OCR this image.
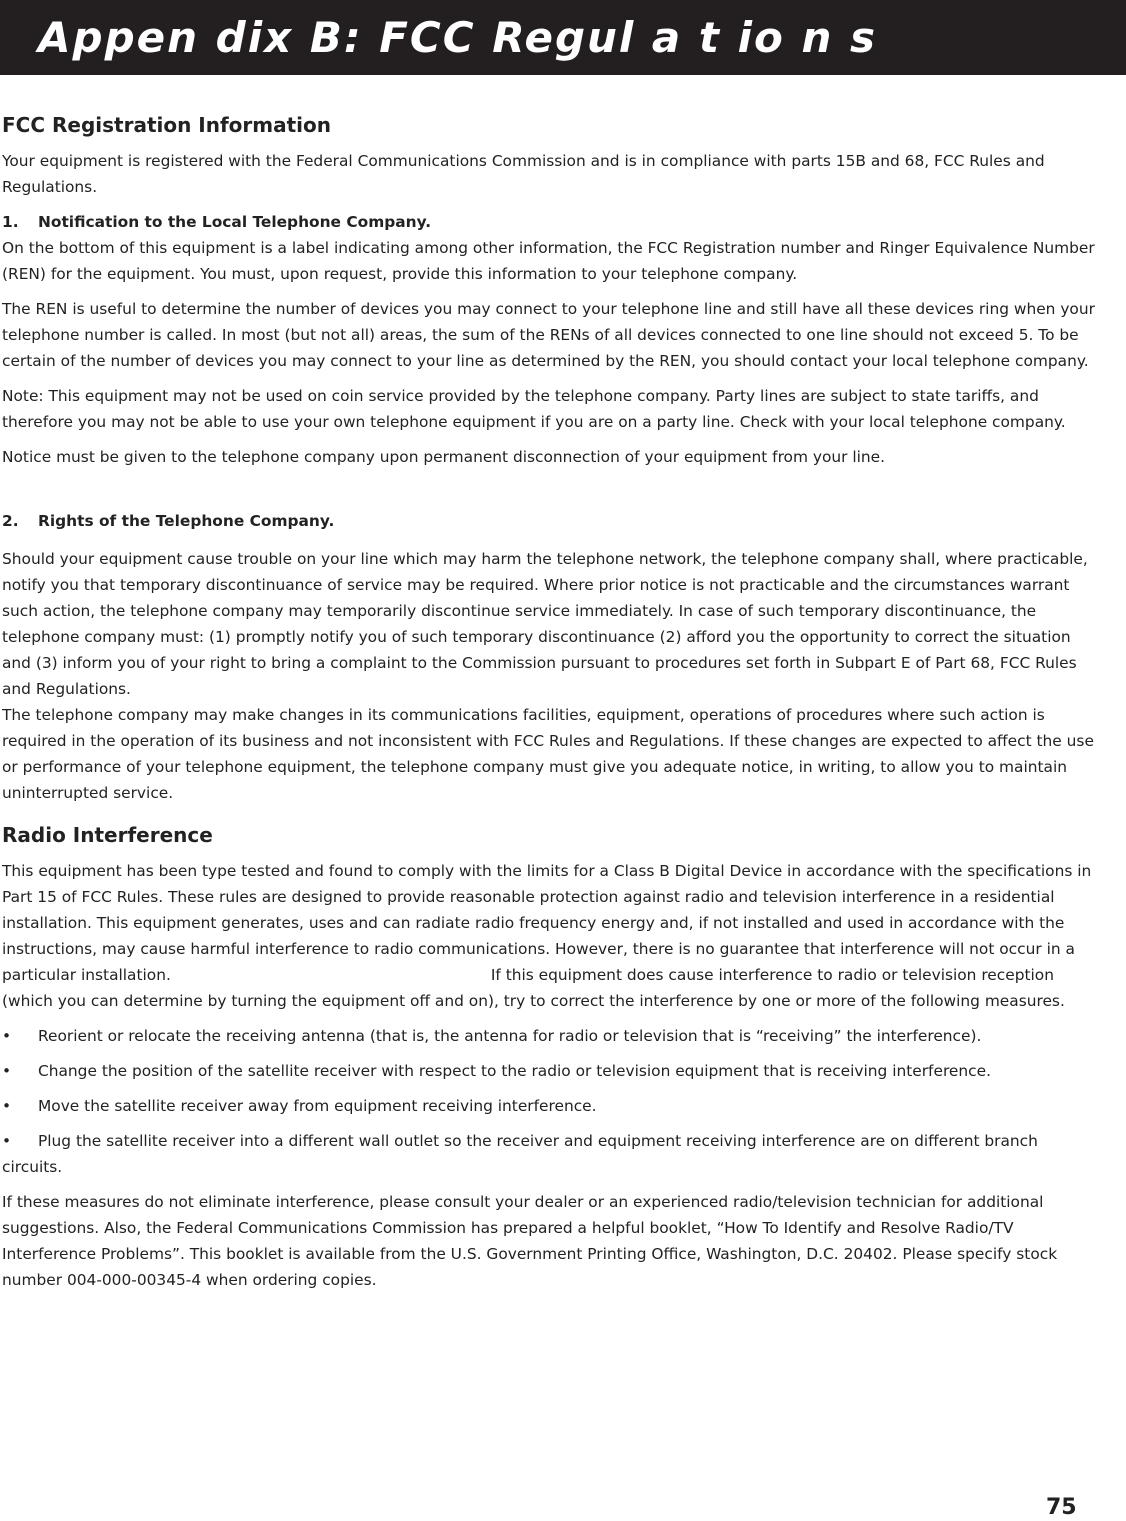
Appen dix B: FCC Regul a t io n s
FCC Registration Information

Your equipment is registered with the Federal Communications Commission and is in compliance with parts 15B and 68, FCC Rules and Regulations.

1. Notification to the Local Telephone Company.

On the bottom of this equipment is a label indicating among other information, the FCC Registration number and Ringer Equivalence Number (REN) for the equipment. You must, upon request, provide this information to your telephone company.

The REN is useful to determine the number of devices you may connect to your telephone line and still have all these devices ring when your telephone number is called. In most (but not all) areas, the sum of the RENs of all devices connected to one line should not exceed 5. To be certain of the number of devices you may connect to your line as determined by the REN, you should contact your local telephone company.

Note: This equipment may not be used on coin service provided by the telephone company. Party lines are subject to state tariffs, and therefore you may not be able to use your own telephone equipment if you are on a party line. Check with your local telephone company.

Notice must be given to the telephone company upon permanent disconnection of your equipment from your line.

2. Rights of the Telephone Company.

Should your equipment cause trouble on your line which may harm the telephone network, the telephone company shall, where practicable, notify you that temporary discontinuance of service may be required. Where prior notice is not practicable and the circumstances warrant such action, the telephone company may temporarily discontinue service immediately. In case of such temporary discontinuance, the telephone company must: (1) promptly notify you of such temporary discontinuance (2) afford you the opportunity to correct the situation and (3) inform you of your right to bring a complaint to the Commission pursuant to procedures set forth in Subpart E of Part 68, FCC Rules and Regulations.
The telephone company may make changes in its communications facilities, equipment, operations of procedures where such action is required in the operation of its business and not inconsistent with FCC Rules and Regulations. If these changes are expected to affect the use or performance of your telephone equipment, the telephone company must give you adequate notice, in writing, to allow you to maintain uninterrupted service.

Radio Interference

This equipment has been type tested and found to comply with the limits for a Class B Digital Device in accordance with the specifications in Part 15 of FCC Rules. These rules are designed to provide reasonable protection against radio and television interference in a residential installation. This equipment generates, uses and can radiate radio frequency energy and, if not installed and used in accordance with the instructions, may cause harmful interference to radio communications. However, there is no guarantee that interference will not occur in a particular installation.	If this equipment does cause interference to radio or television reception (which you can determine by turning the equipment off and on), try to correct the interference by one or more of the following measures.

• Reorient or relocate the receiving antenna (that is, the antenna for radio or television that is “receiving” the interference).

• Change the position of the satellite receiver with respect to the radio or television equipment that is receiving interference.

• Move the satellite receiver away from equipment receiving interference.

• Plug the satellite receiver into a different wall outlet so the receiver and equipment receiving interference are on different branch circuits.

If these measures do not eliminate interference, please consult your dealer or an experienced radio/television technician for additional suggestions. Also, the Federal Communications Commission has prepared a helpful booklet, “How To Identify and Resolve Radio/TV Interference Problems”. This booklet is available from the U.S. Government Printing Office, Washington, D.C. 20402. Please specify stock number 004-000-00345-4 when ordering copies.

75
